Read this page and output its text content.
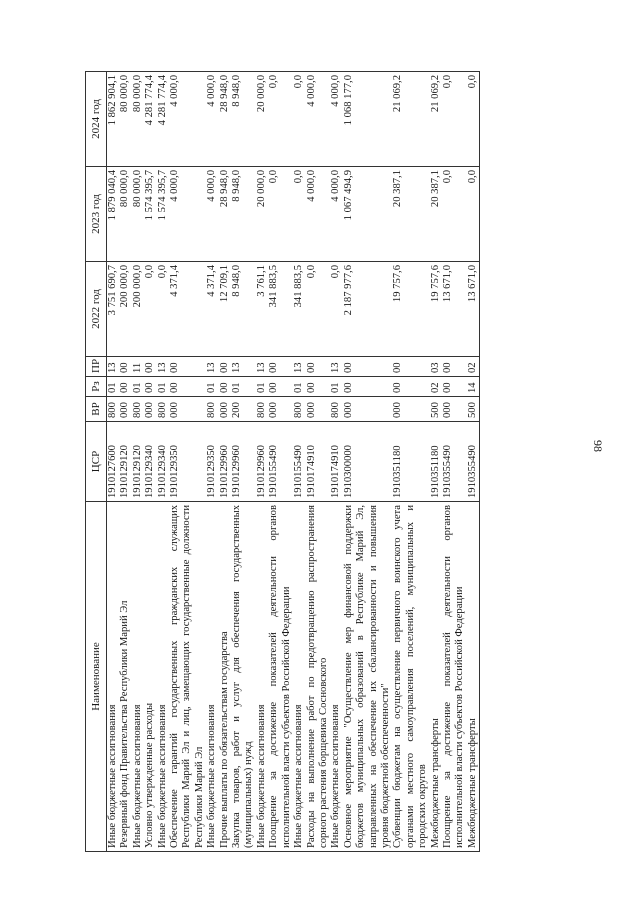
98
Наименование	ЦСР	ВР	Рз	ПР	2022 год	2023 год	2024 год
Иные бюджетные ассигнования	1910127600	800	01	13	3 751 690,7	1 879 040,4	1 862 904,1
Резервный фонд Правительства Республики Марий Эл	1910129120	000	00	00	200 000,0	80 000,0	80 000,0
Иные бюджетные ассигнования	1910129120	800	01	11	200 000,0	80 000,0	80 000,0
Условно утвержденные расходы	1910129340	000	00	00	0,0	1 574 395,7	4 281 774,4
Иные бюджетные ассигнования	1910129340	800	01	13	0,0	1 574 395,7	4 281 774,4
Обеспечение гарантий государственных гражданских служащих Республики Марий Эл и лиц, замещающих государственные должности Республики Марий Эл	1910129350	000	00	00	4 371,4	4 000,0	4 000,0
Иные бюджетные ассигнования	1910129350	800	01	13	4 371,4	4 000,0	4 000,0
Прочие выплаты по обязательствам государства	1910129960	000	00	00	12 709,1	28 948,0	28 948,0
Закупка товаров, работ и услуг для обеспечения государственных (муниципальных) нужд	1910129960	200	01	13	8 948,0	8 948,0	8 948,0
Иные бюджетные ассигнования	1910129960	800	01	13	3 761,1	20 000,0	20 000,0
Поощрение за достижение показателей деятельности органов исполнительной власти субъектов Российской Федерации	1910155490	000	00	00	341 883,5	0,0	0,0
Иные бюджетные ассигнования	1910155490	800	01	13	341 883,5	0,0	0,0
Расходы на выполнение работ по предотвращению распространения сорного растения борщевика Сосновского	1910174910	000	00	00	0,0	4 000,0	4 000,0
Иные бюджетные ассигнования	1910174910	800	01	13	0,0	4 000,0	4 000,0
Основное мероприятие "Осуществление мер финансовой поддержки бюджетов муниципальных образований в Республике Марий Эл, направленных на обеспечение их сбалансированности и повышения уровня бюджетной обеспеченности"	1910300000	000	00	00	2 187 977,6	1 067 494,9	1 068 177,0
Субвенции бюджетам на осуществление первичного воинского учета органами местного самоуправления поселений, муниципальных и городских округов	1910351180	000	00	00	19 757,6	20 387,1	21 069,2
Межбюджетные трансферты	1910351180	500	02	03	19 757,6	20 387,1	21 069,2
Поощрение за достижение показателей деятельности органов исполнительной власти субъектов Российской Федерации	1910355490	000	00	00	13 671,0	0,0	0,0
Межбюджетные трансферты	1910355490	500	14	02	13 671,0	0,0	0,0
